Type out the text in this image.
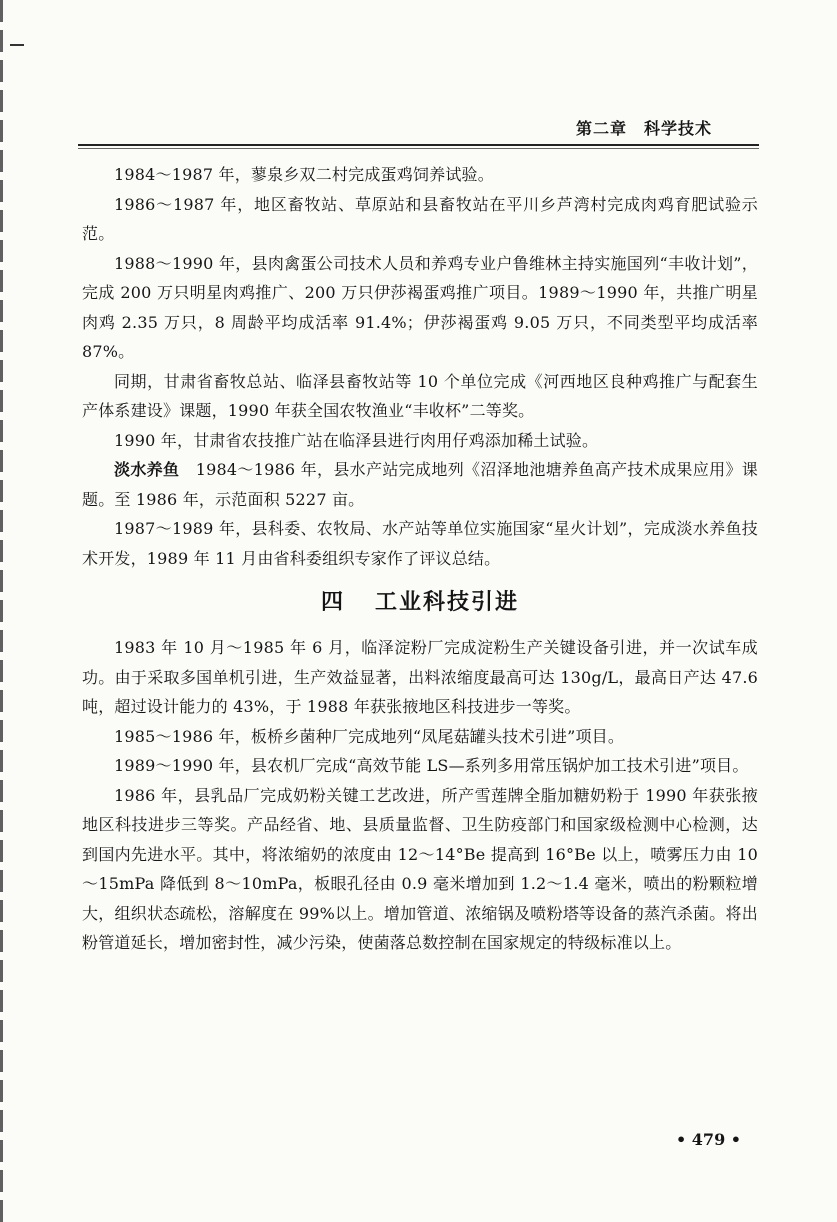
第二章　科学技术

1984～1987 年，蓼泉乡双二村完成蛋鸡饲养试验。

1986～1987 年，地区畜牧站、草原站和县畜牧站在平川乡芦湾村完成肉鸡育肥试验示范。

1988～1990 年，县肉禽蛋公司技术人员和养鸡专业户鲁维林主持实施国列“丰收计划”，完成 200 万只明星肉鸡推广、200 万只伊莎褐蛋鸡推广项目。1989～1990 年，共推广明星肉鸡 2.35 万只，8 周龄平均成活率 91.4%；伊莎褐蛋鸡 9.05 万只，不同类型平均成活率 87%。

同期，甘肃省畜牧总站、临泽县畜牧站等 10 个单位完成《河西地区良种鸡推广与配套生产体系建设》课题，1990 年获全国农牧渔业“丰收杯”二等奖。

1990 年，甘肃省农技推广站在临泽县进行肉用仔鸡添加稀土试验。

淡水养鱼　1984～1986 年，县水产站完成地列《沼泽地池塘养鱼高产技术成果应用》课题。至 1986 年，示范面积 5227 亩。

1987～1989 年，县科委、农牧局、水产站等单位实施国家“星火计划”，完成淡水养鱼技术开发，1989 年 11 月由省科委组织专家作了评议总结。

四 工业科技引进

1983 年 10 月～1985 年 6 月，临泽淀粉厂完成淀粉生产关键设备引进，并一次试车成功。由于采取多国单机引进，生产效益显著，出料浓缩度最高可达 130g/L，最高日产达 47.6 吨，超过设计能力的 43%，于 1988 年获张掖地区科技进步一等奖。

1985～1986 年，板桥乡菌种厂完成地列“凤尾菇罐头技术引进”项目。

1989～1990 年，县农机厂完成“高效节能 LS—系列多用常压锅炉加工技术引进”项目。

1986 年，县乳品厂完成奶粉关键工艺改进，所产雪莲牌全脂加糖奶粉于 1990 年获张掖地区科技进步三等奖。产品经省、地、县质量监督、卫生防疫部门和国家级检测中心检测，达到国内先进水平。其中，将浓缩奶的浓度由 12～14°Be 提高到 16°Be 以上，喷雾压力由 10～15mPa 降低到 8～10mPa，板眼孔径由 0.9 毫米增加到 1.2～1.4 毫米，喷出的粉颗粒增大，组织状态疏松，溶解度在 99%以上。增加管道、浓缩锅及喷粉塔等设备的蒸汽杀菌。将出粉管道延长，增加密封性，减少污染，使菌落总数控制在国家规定的特级标准以上。

• 479 •
